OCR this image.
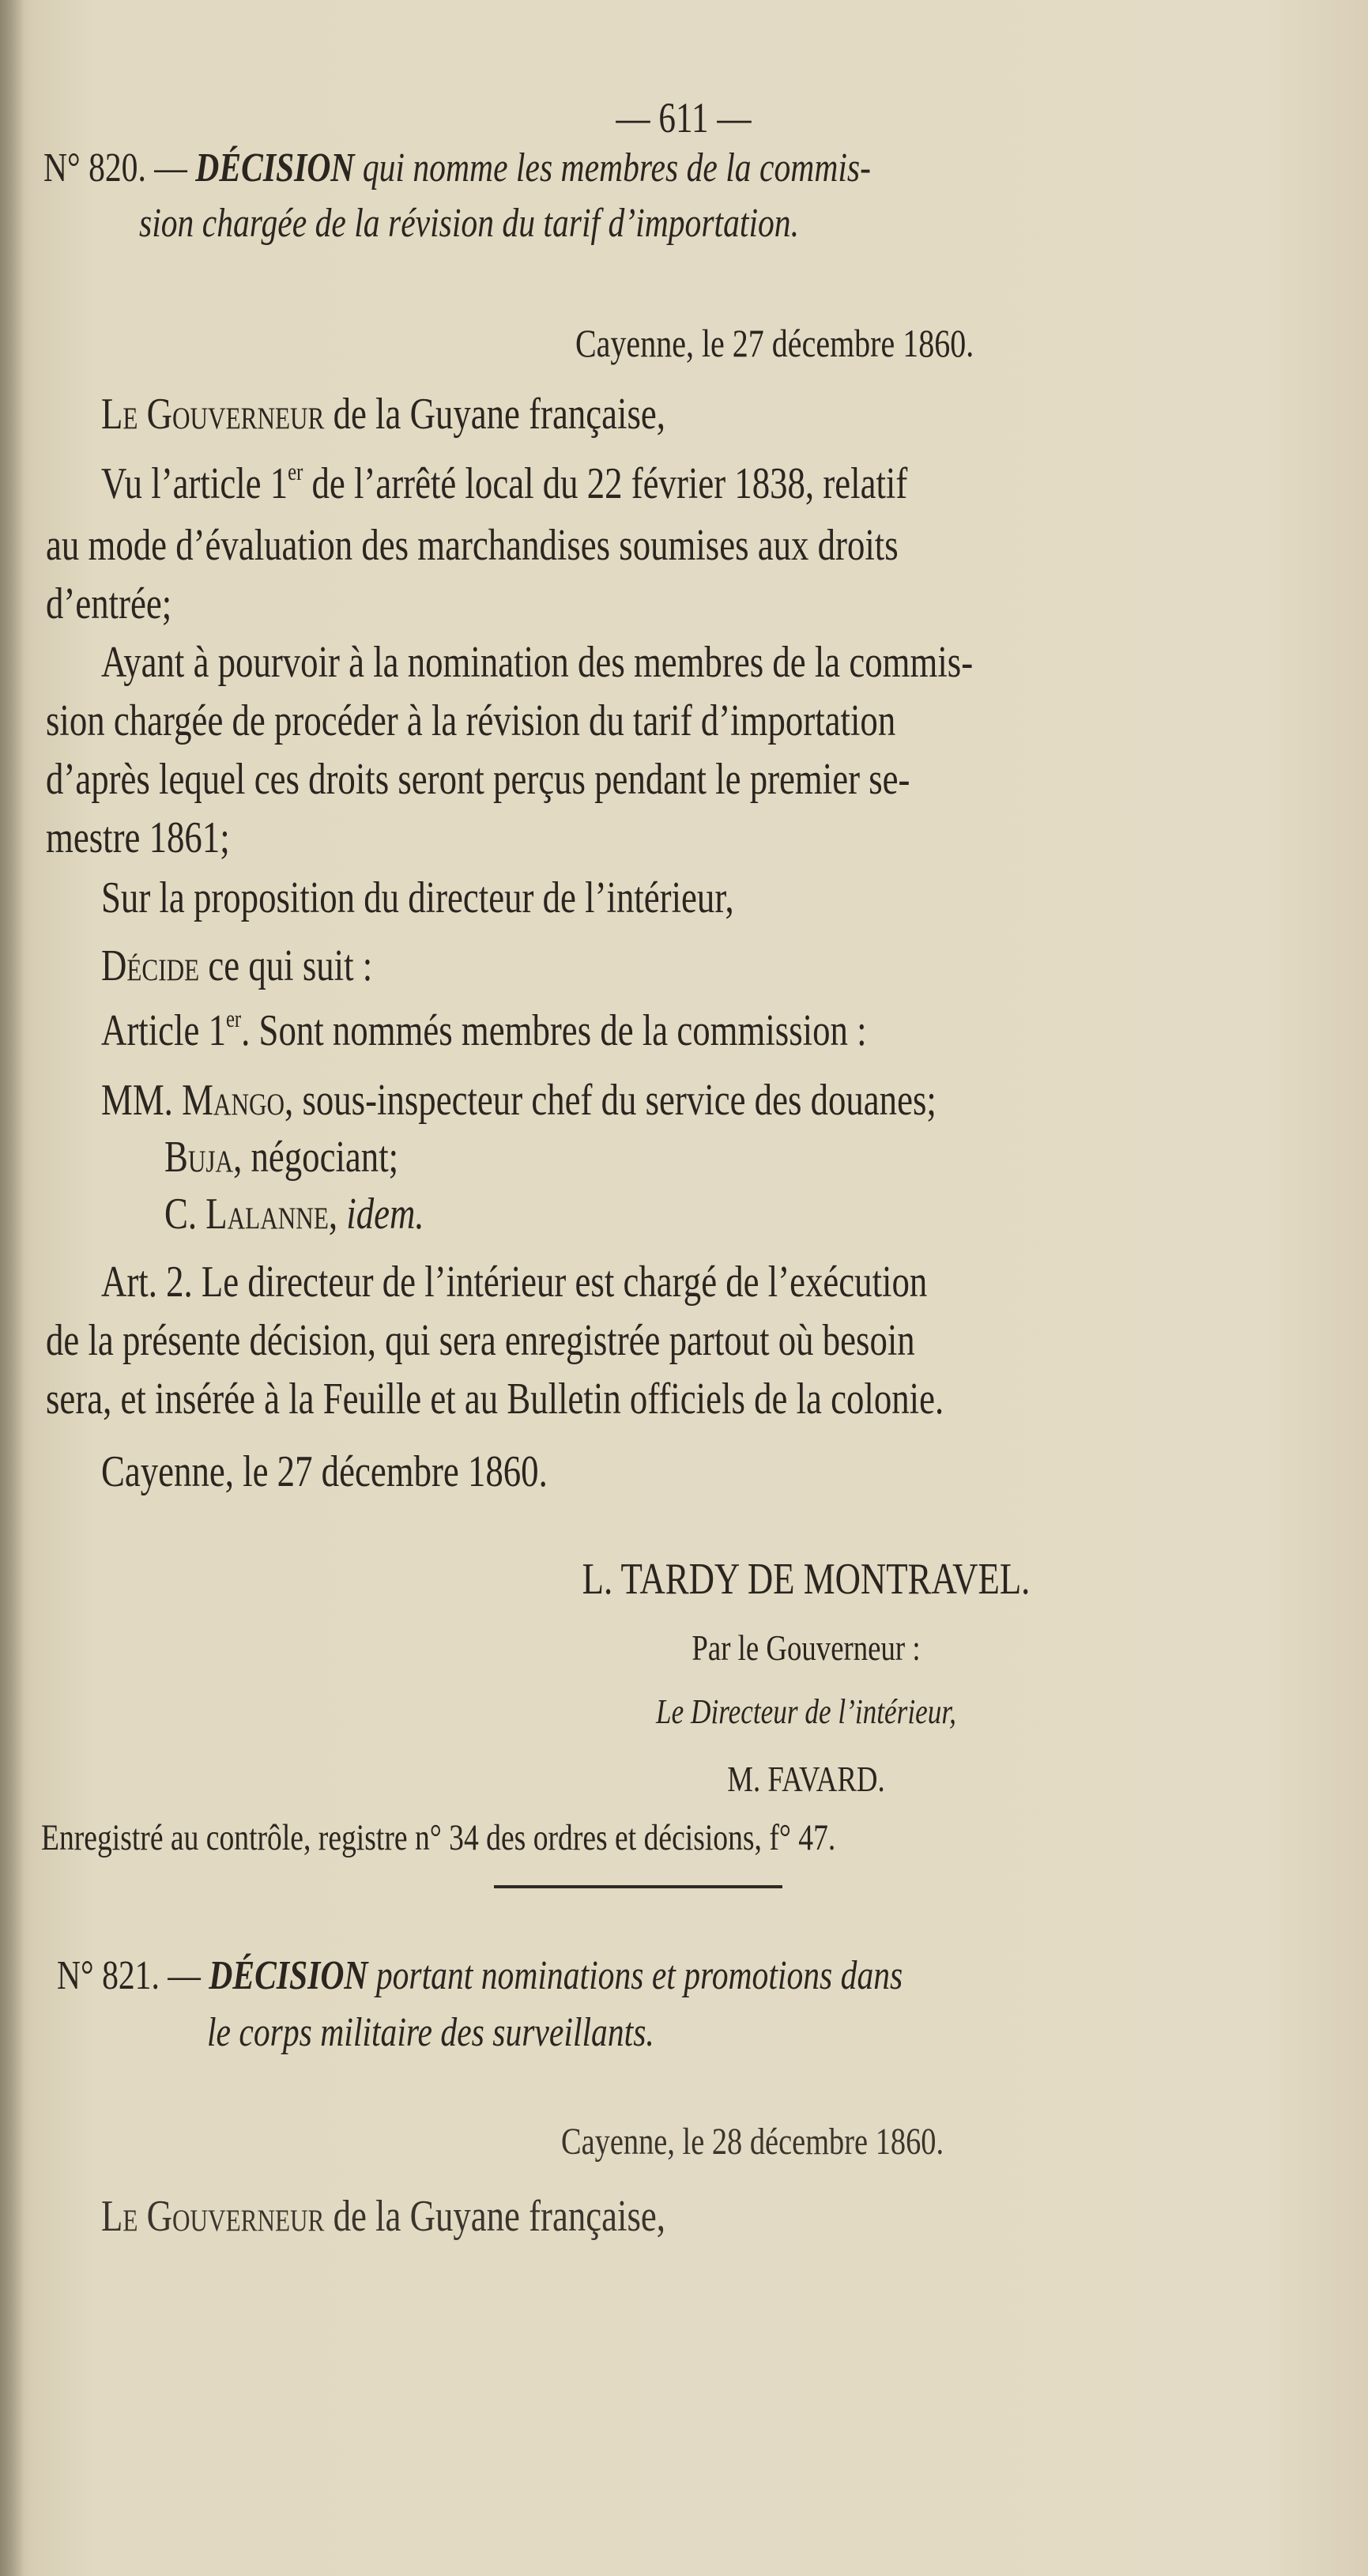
— 611 —
N° 820. — DÉCISION qui nomme les membres de la commis-
sion chargée de la révision du tarif d’importation.
Cayenne, le 27 décembre 1860.
Le Gouverneur de la Guyane française,
Vu l’article 1er de l’arrêté local du 22 février 1838, relatif
au mode d’évaluation des marchandises soumises aux droits
d’entrée;
Ayant à pourvoir à la nomination des membres de la commis-
sion chargée de procéder à la révision du tarif d’importation
d’après lequel ces droits seront perçus pendant le premier se-
mestre 1861;
Sur la proposition du directeur de l’intérieur,
Décide ce qui suit :
Article 1er. Sont nommés membres de la commission :
MM. Mango, sous-inspecteur chef du service des douanes;
Buja, négociant;
C. Lalanne, idem.
Art. 2. Le directeur de l’intérieur est chargé de l’exécution
de la présente décision, qui sera enregistrée partout où besoin
sera, et insérée à la Feuille et au Bulletin officiels de la colonie.
Cayenne, le 27 décembre 1860.
L. TARDY DE MONTRAVEL.
Par le Gouverneur :
Le Directeur de l’intérieur,
M. FAVARD.
Enregistré au contrôle, registre n° 34 des ordres et décisions, f° 47.
N° 821. — DÉCISION portant nominations et promotions dans
le corps militaire des surveillants.
Cayenne, le 28 décembre 1860.
Le Gouverneur de la Guyane française,
